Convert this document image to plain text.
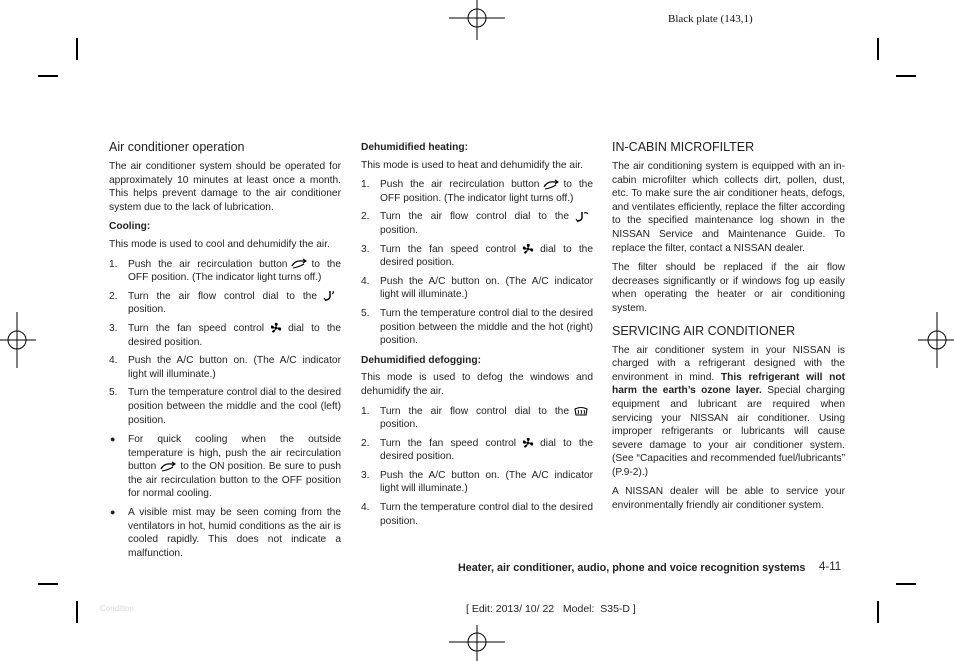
Black plate (143,1)
Air conditioner operation

The air conditioner system should be operated for approximately 10 minutes at least once a month. This helps prevent damage to the air conditioner system due to the lack of lubrication.

Cooling:

This mode is used to cool and dehumidify the air.

1. Push the air recirculation button to the OFF position. (The indicator light turns off.)
2. Turn the air flow control dial to theposition.
3. Turn the fan speed control dial to the desired position.
4. Push the A/C button on. (The A/C indicator light will illuminate.)
5. Turn the temperature control dial to the desired position between the middle and the cool (left) position.
● For quick cooling when the outside temperature is high, push the air recirculation button to the ON position. Be sure to push the air recirculation button to the OFF position for normal cooling.
● A visible mist may be seen coming from the ventilators in hot, humid conditions as the air is cooled rapidly. This does not indicate a malfunction.
Dehumidified heating:

This mode is used to heat and dehumidify the air.

1. Push the air recirculation button to the OFF position. (The indicator light turns off.)
2. Turn the air flow control dial to theposition.
3. Turn the fan speed control dial to the desired position.
4. Push the A/C button on. (The A/C indicator light will illuminate.)
5. Turn the temperature control dial to the desired position between the middle and the hot (right) position.
Dehumidified defogging:

This mode is used to defog the windows and dehumidify the air.

1. Turn the air flow control dial to theposition.
2. Turn the fan speed control dial to the desired position.
3. Push the A/C button on. (The A/C indicator light will illuminate.)
4. Turn the temperature control dial to the desired position.
IN-CABIN MICROFILTER

The air conditioning system is equipped with an in-cabin microfilter which collects dirt, pollen, dust, etc. To make sure the air conditioner heats, defogs, and ventilates efficiently, replace the filter according to the specified maintenance log shown in the NISSAN Service and Maintenance Guide. To replace the filter, contact a NISSAN dealer.

The filter should be replaced if the air flow decreases significantly or if windows fog up easily when operating the heater or air conditioning system.

SERVICING AIR CONDITIONER

The air conditioner system in your NISSAN is charged with a refrigerant designed with the environment in mind. This refrigerant will not harm the earth’s ozone layer. Special charging equipment and lubricant are required when servicing your NISSAN air conditioner. Using improper refrigerants or lubricants will cause severe damage to your air conditioner system. (See “Capacities and recommended fuel/lubricants” (P.9-2).)

A NISSAN dealer will be able to service your environmentally friendly air conditioner system.

Heater, air conditioner, audio, phone and voice recognition systems 4-11
Condition:	[ Edit: 2013/ 10/ 22   Model:  S35-D ]
